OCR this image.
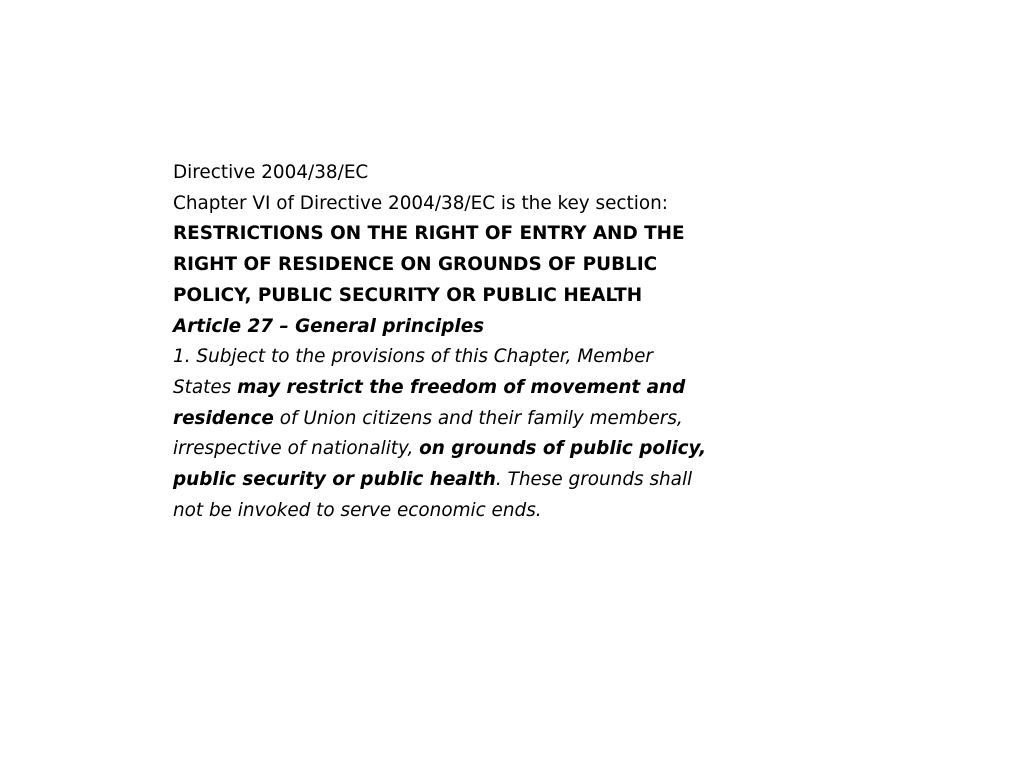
Directive 2004/38/EC
Chapter VI of Directive 2004/38/EC is the key section:
RESTRICTIONS ON THE RIGHT OF ENTRY AND THE
RIGHT OF RESIDENCE ON GROUNDS OF PUBLIC
POLICY, PUBLIC SECURITY OR PUBLIC HEALTH
Article 27 – General principles
1. Subject to the provisions of this Chapter, Member
States may restrict the freedom of movement and
residence of Union citizens and their family members,
irrespective of nationality, on grounds of public policy,
public security or public health. These grounds shall
not be invoked to serve economic ends.
